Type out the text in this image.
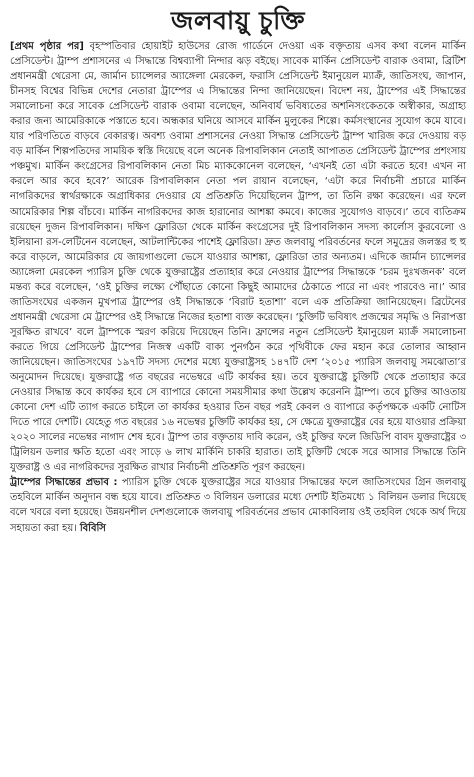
জলবায়ু চুক্তি

[প্রথম পৃষ্ঠার পর] বৃহস্পতিবার হোয়াইট হাউসের রোজ গার্ডেনে দেওয়া এক বক্তৃতায় এসব কথা বলেন মার্কিন প্রেসিডেন্ট। ট্রাম্প প্রশাসনের এ সিদ্ধান্তে বিশ্বব্যাপী নিন্দার ঝড় বইছে। সাবেক মার্কিন প্রেসিডেন্ট বারাক ওবামা, ব্রিটিশ প্রধানমন্ত্রী থেরেসা মে, জার্মান চ্যান্সেলর অ্যাঙ্গেলা মেরকেল, ফরাসি প্রেসিডেন্ট ইমানুয়েল ম্যাক্রঁ, জাতিসংঘ, জাপান, চীনসহ বিশ্বের বিভিন্ন দেশের নেতারা ট্রাম্পের এ সিদ্ধান্তের নিন্দা জানিয়েছেন। বিদেশ নয়, ট্রাম্পের এই সিদ্ধান্তের সমালোচনা করে সাবেক প্রেসিডেন্ট বারাক ওবামা বলেছেন, অনিবার্য ভবিষ্যতের অশনিসংকেতকে অস্বীকার, অগ্রাহ্য করার জন্য আমেরিকাকে পস্তাতে হবে। অন্ধকার ঘনিয়ে আসবে মার্কিন মুলুকের শিল্পে। কর্মসংস্থানের সুযোগ কমে যাবে। যার পরিণতিতে বাড়বে বেকারত্ব। অবশ্য ওবামা প্রশাসনের নেওয়া সিদ্ধান্ত প্রেসিডেন্ট ট্রাম্প খারিজ করে দেওয়ায় বড় বড় মার্কিন শিল্পপতিদের সাময়িক স্বস্তি দিয়েছে বলে অনেক রিপাবলিকান নেতাই আপাতত প্রেসিডেন্ট ট্রাম্পের প্রশংসায় পঞ্চমুখ। মার্কিন কংগ্রেসের রিপাবলিকান নেতা মিচ ম্যাককোনেল বলেছেন, ‘এখনই তো এটা করতে হবে! এখন না করলে আর কবে হবে?’ আরেক রিপাবলিকান নেতা পল রায়ান বলেছেন, ‘এটা করে নির্বাচনী প্রচারে মার্কিন নাগরিকদের স্বার্থরক্ষাকে অগ্রাধিকার দেওয়ার যে প্রতিশ্রুতি দিয়েছিলেন ট্রাম্প, তা তিনি রক্ষা করেছেন। এর ফলে আমেরিকার শিল্প বাঁচবে। মার্কিন নাগরিকদের কাজ হারানোর আশঙ্কা কমবে। কাজের সুযোগও বাড়বে।’ তবে ব্যতিক্রম রয়েছেন দুজন রিপাবলিকান। দক্ষিণ ফ্লোরিডা থেকে মার্কিন কংগ্রেসের দুই রিপাবলিকান সদস্য কার্লোস কুরবেলো ও ইলিয়ানা রস-লেটিনেন বলেছেন, আটলান্টিকের পাশেই ফ্লোরিডা। দ্রুত জলবায়ু পরিবর্তনের ফলে সমুদ্রের জলস্তর হু হু করে বাড়লে, আমেরিকার যে জায়গাগুলো ভেসে যাওয়ার আশঙ্কা, ফ্লোরিডা তার অন্যতম। এদিকে জার্মান চ্যান্সেলর অ্যাঙ্গেলা মেরকেল প্যারিস চুক্তি থেকে যুক্তরাষ্ট্রের প্রত্যাহার করে নেওয়ার ট্রাম্পের সিদ্ধান্তকে ‘চরম দুঃখজনক’ বলে মন্তব্য করে বলেছেন, ‘ওই চুক্তির লক্ষ্যে পৌঁছাতে কোনো কিছুই আমাদের ঠেকাতে পারে না এবং পারবেও না।’ আর জাতিসংঘের একজন মুখপাত্র ট্রাম্পের ওই সিদ্ধান্তকে ‘বিরাট হতাশা’ বলে এক প্রতিক্রিয়া জানিয়েছেন। ব্রিটেনের প্রধানমন্ত্রী থেরেসা মে ট্রাম্পের ওই সিদ্ধান্তে নিজের হতাশা ব্যক্ত করেছেন। ‘চুক্তিটি ভবিষ্যৎ প্রজন্মের সমৃদ্ধি ও নিরাপত্তা সুরক্ষিত রাখবে’ বলে ট্রাম্পকে স্মরণ করিয়ে দিয়েছেন তিনি। ফ্রান্সের নতুন প্রেসিডেন্ট ইমানুয়েল ম্যাক্রঁ সমালোচনা করতে গিয়ে প্রেসিডেন্ট ট্রাম্পের নিজস্ব একটি বাক্য পুনর্গঠন করে পৃথিবীকে ফের মহান করে তোলার আহ্বান জানিয়েছেন। জাতিসংঘের ১৯৭টি সদস্য দেশের মধ্যে যুক্তরাষ্ট্রসহ ১৪৭টি দেশ ‘২০১৫ প্যারিস জলবায়ু সমঝোতা’র অনুমোদন দিয়েছে। যুক্তরাষ্ট্রে গত বছরের নভেম্বরে এটি কার্যকর হয়। তবে যুক্তরাষ্ট্রে চুক্তিটি থেকে প্রত্যাহার করে নেওয়ার সিদ্ধান্ত কবে কার্যকর হবে সে ব্যাপারে কোনো সময়সীমার কথা উল্লেখ করেননি ট্রাম্প। তবে চুক্তির আওতায় কোনো দেশ এটি ত্যাগ করতে চাইলে তা কার্যকর হওয়ার তিন বছর পরই কেবল ও ব্যাপারে কর্তৃপক্ষকে একটি নোটিস দিতে পারে দেশটি। যেহেতু গত বছরের ১৬ নভেম্বর চুক্তিটি কার্যকর হয়, সে ক্ষেত্রে যুক্তরাষ্ট্রের বের হয়ে যাওয়ার প্রক্রিয়া ২০২০ সালের নভেম্বর নাগাদ শেষ হবে। ট্রাম্প তার বক্তৃতায় দাবি করেন, ওই চুক্তির ফলে জিডিপি বাবদ যুক্তরাষ্ট্রের ৩ ট্রিলিয়ন ডলার ক্ষতি হতো এবং সাড়ে ৬ লাখ মার্কিনি চাকরি হারাত। তাই চুক্তিটি থেকে সরে আসার সিদ্ধান্তে তিনি যুক্তরাষ্ট্র ও এর নাগরিকদের সুরক্ষিত রাখার নির্বাচনী প্রতিশ্রুতি পূরণ করছেন।

ট্রাম্পের সিদ্ধান্তের প্রভাব : প্যারিস চুক্তি থেকে যুক্তরাষ্ট্রের সরে যাওয়ার সিদ্ধান্তের ফলে জাতিসংঘের গ্রিন জলবায়ু তহবিলে মার্কিন অনুদান বন্ধ হয়ে যাবে। প্রতিশ্রুত ৩ বিলিয়ন ডলারের মধ্যে দেশটি ইতিমধ্যে ১ বিলিয়ন ডলার দিয়েছে বলে খবরে বলা হয়েছে। উন্নয়নশীল দেশগুলোকে জলবায়ু পরিবর্তনের প্রভাব মোকাবিলায় ওই তহবিল থেকে অর্থ দিয়ে সহায়তা করা হয়। বিবিসি
